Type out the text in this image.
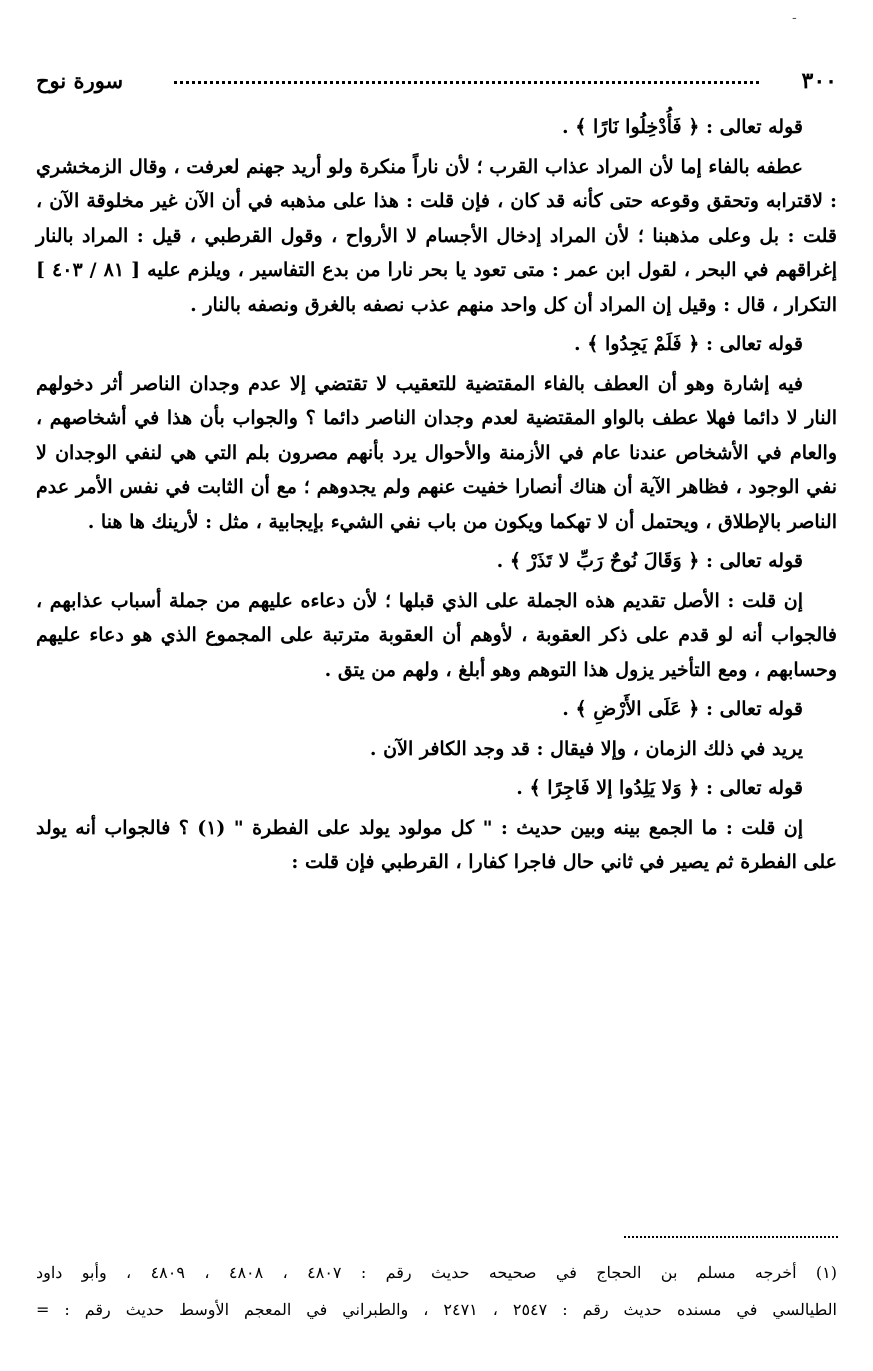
-
٣٠٠
سورة نوح

قوله تعالى : ﴿ فَأُدْخِلُوا نَارًا ﴾ .

عطفه بالفاء إما لأن المراد عذاب القرب ؛ لأن ناراً منكرة ولو أريد جهنم لعرفت ، وقال الزمخشري : لاقترابه وتحقق وقوعه حتى كأنه قد كان ، فإن قلت : هذا على مذهبه في أن الآن غير مخلوقة الآن ، قلت : بل وعلى مذهبنا ؛ لأن المراد إدخال الأجسام لا الأرواح ، وقول القرطبي ، قيل : المراد بالنار إغراقهم في البحر ، لقول ابن عمر : متى تعود يا بحر نارا من بدع التفاسير ، ويلزم عليه [ ٨١ / ٤٠٣ ] التكرار ، قال : وقيل إن المراد أن كل واحد منهم عذب نصفه بالغرق ونصفه بالنار .

قوله تعالى : ﴿ فَلَمْ يَجِدُوا ﴾ .

فيه إشارة وهو أن العطف بالفاء المقتضية للتعقيب لا تقتضي إلا عدم وجدان الناصر أثر دخولهم النار لا دائما فهلا عطف بالواو المقتضية لعدم وجدان الناصر دائما ؟ والجواب بأن هذا في أشخاصهم ، والعام في الأشخاص عندنا عام في الأزمنة والأحوال يرد بأنهم مصرون بلم التي هي لنفي الوجدان لا نفي الوجود ، فظاهر الآية أن هناك أنصارا خفيت عنهم ولم يجدوهم ؛ مع أن الثابت في نفس الأمر عدم الناصر بالإطلاق ، ويحتمل أن لا تهكما ويكون من باب نفي الشيء بإيجابية ، مثل : لأرينك ها هنا .

قوله تعالى : ﴿ وَقَالَ نُوحٌ رَبِّ لا تَذَرْ ﴾ .

إن قلت : الأصل تقديم هذه الجملة على الذي قبلها ؛ لأن دعاءه عليهم من جملة أسباب عذابهم ، فالجواب أنه لو قدم على ذكر العقوبة ، لأوهم أن العقوبة مترتبة على المجموع الذي هو دعاء عليهم وحسابهم ، ومع التأخير يزول هذا التوهم وهو أبلغ ، ولهم من يتق .

قوله تعالى : ﴿ عَلَى الأَرْضِ ﴾ .

يريد في ذلك الزمان ، وإلا فيقال : قد وجد الكافر الآن .

قوله تعالى : ﴿ وَلا يَلِدُوا إلا فَاجِرًا ﴾ .

إن قلت : ما الجمع بينه وبين حديث : " كل مولود يولد على الفطرة " (١) ؟ فالجواب أنه يولد على الفطرة ثم يصير في ثاني حال فاجرا كفارا ، القرطبي فإن قلت :

(١) أخرجه مسلم بن الحجاج في صحيحه حديث رقم : ٤٨٠٧ ، ٤٨٠٨ ، ٤٨٠٩ ، وأبو داود

الطيالسي في مسنده حديث رقم : ٢٥٤٧ ، ٢٤٧١ ، والطبراني في المعجم الأوسط حديث رقم : =
